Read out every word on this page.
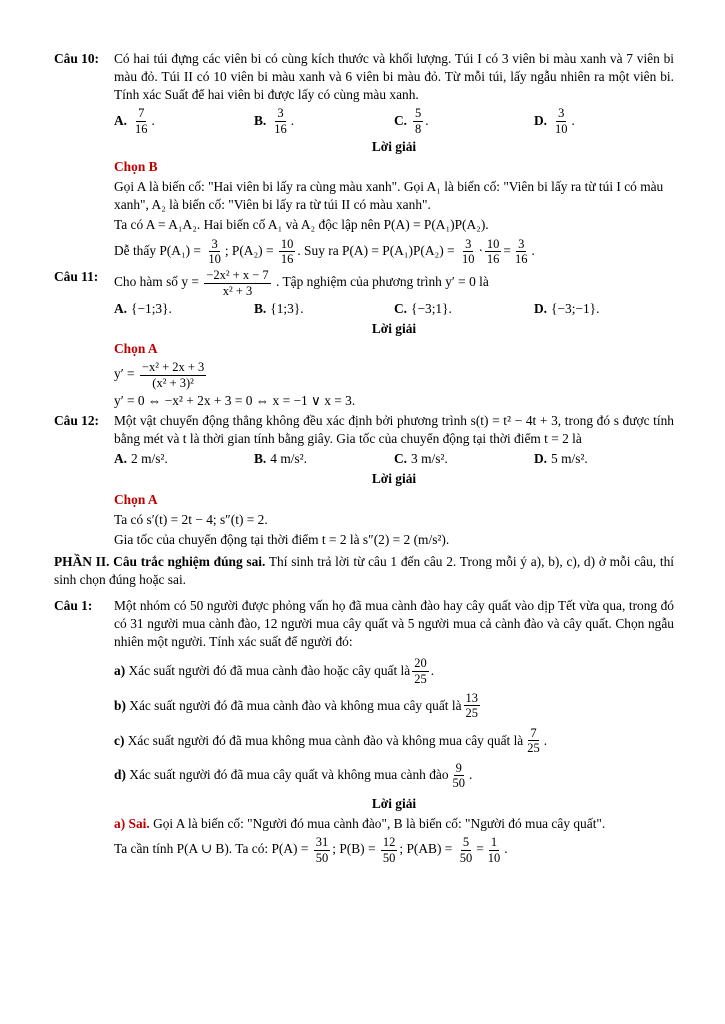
Câu 10:	Có hai túi đựng các viên bi có cùng kích thước và khối lượng. Túi I có 3 viên bi màu xanh và 7 viên bi màu đỏ. Túi II có 10 viên bi màu xanh và 6 viên bi màu đỏ. Từ mỗi túi, lấy ngẫu nhiên ra một viên bi. Tính xác Suất để hai viên bi được lấy có cùng màu xanh.
A. $\frac{7}{16}$ .	B. $\frac{3}{16}$ .	C. $\frac{5}{8}$ .	D. $\frac{3}{10}$ .
Lời giải
Chọn B
Gọi A là biến cố: "Hai viên bi lấy ra cùng màu xanh". Gọi A₁ là biến cố: "Viên bi lấy ra từ túi I có màu xanh", A₂ là biến cố: "Viên bi lấy ra từ túi II có màu xanh".
Ta có A = A₁A₂. Hai biến cố A₁ và A₂ độc lập nên P(A) = P(A₁)P(A₂).
Dễ thấy $P(A_1) = \frac{3}{10}$ ; $P(A_2) = \frac{10}{16}$ . Suy ra $P(A) = P(A_1)P(A_2) = \frac{3}{10} \cdot \frac{10}{16} = \frac{3}{16}$ .
Câu 11:	Cho hàm số $y = \frac{\text{−2x² + x − 7}}{\text{x² + 3}}$ . Tập nghiệm của phương trình y′ = 0 là
A. {−1;3}.	B. {1;3}.	C. {−3;1}.	D. {−3;−1}.
Lời giải
Chọn A
$y' = \frac{\text{−x² + 2x + 3}}{\text{(x² + 3)²}}$
y′ = 0 ⇔ −x² + 2x + 3 = 0 ⇔ x = −1 ∨ x = 3.
Câu 12:	Một vật chuyển động thẳng không đều xác định bởi phương trình s(t) = t² − 4t + 3, trong đó s được tính bằng mét và t là thời gian tính bằng giây. Gia tốc của chuyển động tại thời điểm t = 2 là
A. 2 m/s².	B. 4 m/s².	C. 3 m/s².	D. 5 m/s².
Lời giải
Chọn A
Ta có s′(t) = 2t − 4; s″(t) = 2.
Gia tốc của chuyển động tại thời điểm t = 2 là s″(2) = 2 (m/s²).
PHẦN II. Câu trắc nghiệm đúng sai. Thí sinh trả lời từ câu 1 đến câu 2. Trong mỗi ý a), b), c), d) ở mỗi câu, thí sinh chọn đúng hoặc sai.
Câu 1:	Một nhóm có 50 người được phỏng vấn họ đã mua cành đào hay cây quất vào dịp Tết vừa qua, trong đó có 31 người mua cành đào, 12 người mua cây quất và 5 người mua cả cành đào và cây quất. Chọn ngẫu nhiên một người. Tính xác suất để người đó:
a)
Xác suất người đó đã mua cành đào hoặc cây quất là $\frac{20}{25}$ .
b)
Xác suất người đó đã mua cành đào và không mua cây quất là $\frac{13}{25}$
c)
Xác suất người đó đã mua không mua cành đào và không mua cây quất là $\frac{7}{25}$ .
d)
Xác suất người đó đã mua cây quất và không mua cành đào $\frac{9}{50}$ .
Lời giải
a) Sai. Gọi A là biến cố: "Người đó mua cành đào", B là biến cố: "Người đó mua cây quất".
Ta cần tính P(A ∪ B). Ta có: $P(A) = \frac{31}{50}$ ; $P(B) = \frac{12}{50}$ ; $P(AB) = \frac{5}{50} = \frac{1}{10}$ .
